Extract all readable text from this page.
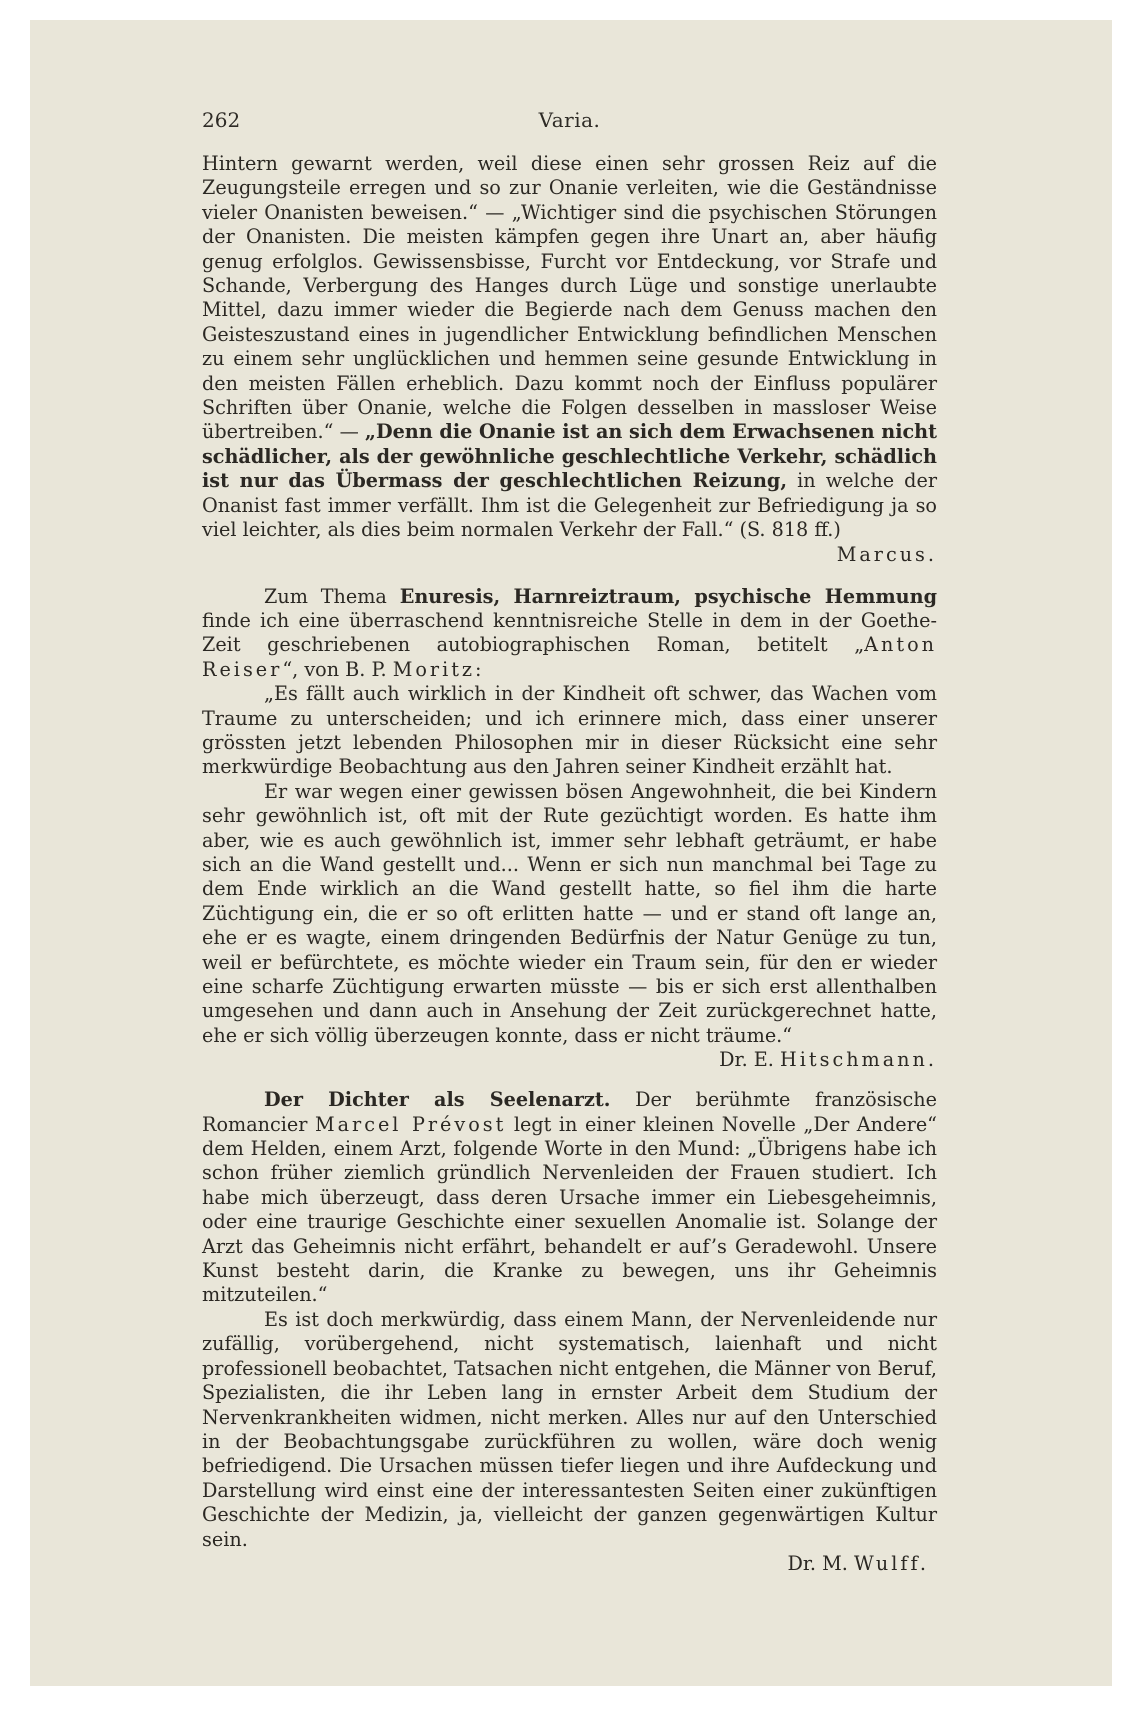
262	Varia.

Hintern gewarnt werden, weil diese einen sehr grossen Reiz auf die Zeugungsteile erregen und so zur Onanie verleiten, wie die Geständnisse vieler Onanisten beweisen.“ — „Wichtiger sind die psychischen Störungen der Onanisten. Die meisten kämpfen gegen ihre Unart an, aber häufig genug erfolglos. Gewissensbisse, Furcht vor Entdeckung, vor Strafe und Schande, Verbergung des Hanges durch Lüge und sonstige unerlaubte Mittel, dazu immer wieder die Begierde nach dem Genuss machen den Geisteszustand eines in jugendlicher Entwicklung befindlichen Menschen zu einem sehr unglücklichen und hemmen seine gesunde Entwicklung in den meisten Fällen erheblich. Dazu kommt noch der Einfluss populärer Schriften über Onanie, welche die Folgen desselben in massloser Weise übertreiben.“ — „Denn die Onanie ist an sich dem Erwachsenen nicht schädlicher, als der gewöhnliche geschlechtliche Verkehr, schädlich ist nur das Übermass der geschlechtlichen Reizung, in welche der Onanist fast immer verfällt. Ihm ist die Gelegenheit zur Befriedigung ja so viel leichter, als dies beim normalen Verkehr der Fall.“ (S. 818 ff.)
Marcus.

Zum Thema Enuresis, Harnreiztraum, psychische Hemmung finde ich eine überraschend kenntnisreiche Stelle in dem in der Goethe-Zeit geschriebenen autobiographischen Roman, betitelt „Anton Reiser“, von B. P. Moritz:

„Es fällt auch wirklich in der Kindheit oft schwer, das Wachen vom Traume zu unterscheiden; und ich erinnere mich, dass einer unserer grössten jetzt lebenden Philosophen mir in dieser Rücksicht eine sehr merkwürdige Beobachtung aus den Jahren seiner Kindheit erzählt hat.

Er war wegen einer gewissen bösen Angewohnheit, die bei Kindern sehr gewöhnlich ist, oft mit der Rute gezüchtigt worden. Es hatte ihm aber, wie es auch gewöhnlich ist, immer sehr lebhaft geträumt, er habe sich an die Wand gestellt und... Wenn er sich nun manchmal bei Tage zu dem Ende wirklich an die Wand gestellt hatte, so fiel ihm die harte Züchtigung ein, die er so oft erlitten hatte — und er stand oft lange an, ehe er es wagte, einem dringenden Bedürfnis der Natur Genüge zu tun, weil er befürchtete, es möchte wieder ein Traum sein, für den er wieder eine scharfe Züchtigung erwarten müsste — bis er sich erst allenthalben umgesehen und dann auch in Ansehung der Zeit zurückgerechnet hatte, ehe er sich völlig überzeugen konnte, dass er nicht träume.“
Dr. E. Hitschmann.

Der Dichter als Seelenarzt. Der berühmte französische Romancier Marcel Prévost legt in einer kleinen Novelle „Der Andere“ dem Helden, einem Arzt, folgende Worte in den Mund: „Übrigens habe ich schon früher ziemlich gründlich Nervenleiden der Frauen studiert. Ich habe mich überzeugt, dass deren Ursache immer ein Liebesgeheimnis, oder eine traurige Geschichte einer sexuellen Anomalie ist. Solange der Arzt das Geheimnis nicht erfährt, behandelt er auf’s Geradewohl. Unsere Kunst besteht darin, die Kranke zu bewegen, uns ihr Geheimnis mitzuteilen.“

Es ist doch merkwürdig, dass einem Mann, der Nervenleidende nur zufällig, vorübergehend, nicht systematisch, laienhaft und nicht professionell beobachtet, Tatsachen nicht entgehen, die Männer von Beruf, Spezialisten, die ihr Leben lang in ernster Arbeit dem Studium der Nervenkrankheiten widmen, nicht merken. Alles nur auf den Unterschied in der Beobachtungsgabe zurückführen zu wollen, wäre doch wenig befriedigend. Die Ursachen müssen tiefer liegen und ihre Aufdeckung und Darstellung wird einst eine der interessantesten Seiten einer zukünftigen Geschichte der Medizin, ja, vielleicht der ganzen gegenwärtigen Kultur sein.

Dr. M. Wulff.
